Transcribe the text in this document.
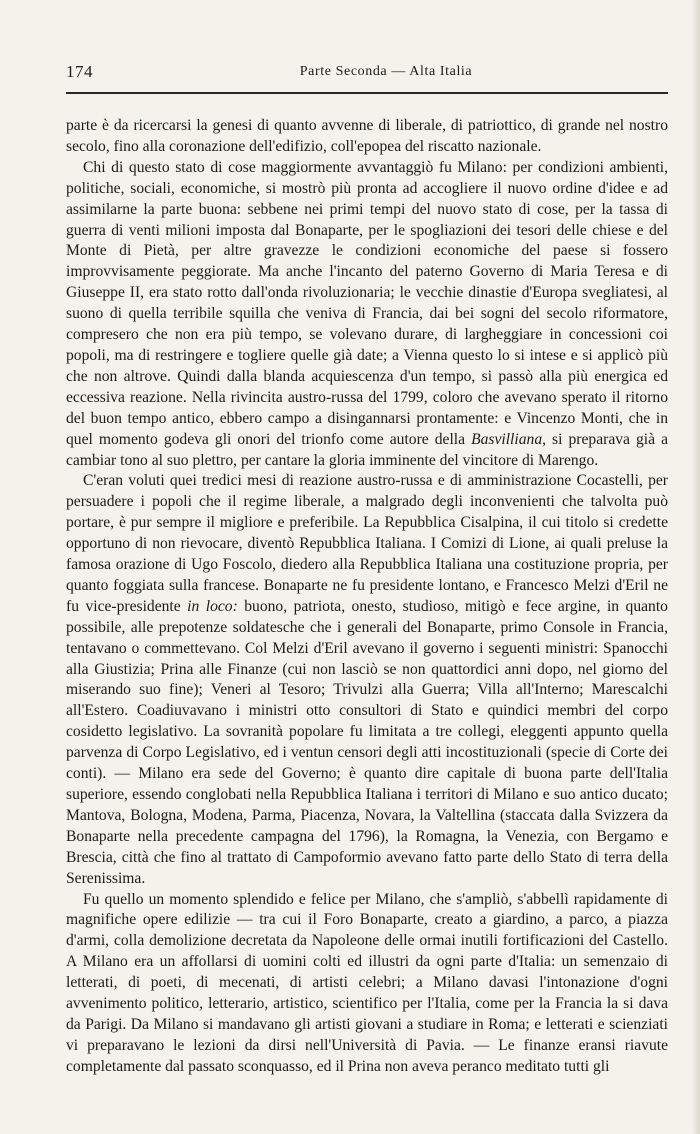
174	Parte Seconda — Alta Italia

parte è da ricercarsi la genesi di quanto avvenne di liberale, di patriottico, di grande nel nostro secolo, fino alla coronazione dell'edifizio, coll'epopea del riscatto nazionale.

Chi di questo stato di cose maggiormente avvantaggiò fu Milano: per condizioni ambienti, politiche, sociali, economiche, si mostrò più pronta ad accogliere il nuovo ordine d'idee e ad assimilarne la parte buona: sebbene nei primi tempi del nuovo stato di cose, per la tassa di guerra di venti milioni imposta dal Bonaparte, per le spogliazioni dei tesori delle chiese e del Monte di Pietà, per altre gravezze le condizioni economiche del paese si fossero improvvisamente peggiorate. Ma anche l'incanto del paterno Governo di Maria Teresa e di Giuseppe II, era stato rotto dall'onda rivoluzionaria; le vecchie dinastie d'Europa svegliatesi, al suono di quella terribile squilla che veniva di Francia, dai bei sogni del secolo riformatore, compresero che non era più tempo, se volevano durare, di largheggiare in concessioni coi popoli, ma di restringere e togliere quelle già date; a Vienna questo lo si intese e si applicò più che non altrove. Quindi dalla blanda acquiescenza d'un tempo, si passò alla più energica ed eccessiva reazione. Nella rivincita austro-russa del 1799, coloro che avevano sperato il ritorno del buon tempo antico, ebbero campo a disingannarsi prontamente: e Vincenzo Monti, che in quel momento godeva gli onori del trionfo come autore della Basvilliana, si preparava già a cambiar tono al suo plettro, per cantare la gloria imminente del vincitore di Marengo.

C'eran voluti quei tredici mesi di reazione austro-russa e di amministrazione Cocastelli, per persuadere i popoli che il regime liberale, a malgrado degli inconvenienti che talvolta può portare, è pur sempre il migliore e preferibile. La Repubblica Cisalpina, il cui titolo si credette opportuno di non rievocare, diventò Repubblica Italiana. I Comizi di Lione, ai quali preluse la famosa orazione di Ugo Foscolo, diedero alla Repubblica Italiana una costituzione propria, per quanto foggiata sulla francese. Bonaparte ne fu presidente lontano, e Francesco Melzi d'Eril ne fu vice-presidente in loco: buono, patriota, onesto, studioso, mitigò e fece argine, in quanto possibile, alle prepotenze soldatesche che i generali del Bonaparte, primo Console in Francia, tentavano o commettevano. Col Melzi d'Eril avevano il governo i seguenti ministri: Spanocchi alla Giustizia; Prina alle Finanze (cui non lasciò se non quattordici anni dopo, nel giorno del miserando suo fine); Veneri al Tesoro; Trivulzi alla Guerra; Villa all'Interno; Marescalchi all'Estero. Coadiuvavano i ministri otto consultori di Stato e quindici membri del corpo cosidetto legislativo. La sovranità popolare fu limitata a tre collegi, eleggenti appunto quella parvenza di Corpo Legislativo, ed i ventun censori degli atti incostituzionali (specie di Corte dei conti). — Milano era sede del Governo; è quanto dire capitale di buona parte dell'Italia superiore, essendo conglobati nella Repubblica Italiana i territori di Milano e suo antico ducato; Mantova, Bologna, Modena, Parma, Piacenza, Novara, la Valtellina (staccata dalla Svizzera da Bonaparte nella precedente campagna del 1796), la Romagna, la Venezia, con Bergamo e Brescia, città che fino al trattato di Campoformio avevano fatto parte dello Stato di terra della Serenissima.

Fu quello un momento splendido e felice per Milano, che s'ampliò, s'abbellì rapidamente di magnifiche opere edilizie — tra cui il Foro Bonaparte, creato a giardino, a parco, a piazza d'armi, colla demolizione decretata da Napoleone delle ormai inutili fortificazioni del Castello. A Milano era un affollarsi di uomini colti ed illustri da ogni parte d'Italia: un semenzaio di letterati, di poeti, di mecenati, di artisti celebri; a Milano davasi l'intonazione d'ogni avvenimento politico, letterario, artistico, scientifico per l'Italia, come per la Francia la si dava da Parigi. Da Milano si mandavano gli artisti giovani a studiare in Roma; e letterati e scienziati vi preparavano le lezioni da dirsi nell'Università di Pavia. — Le finanze eransi riavute completamente dal passato sconquasso, ed il Prina non aveva peranco meditato tutti gli
